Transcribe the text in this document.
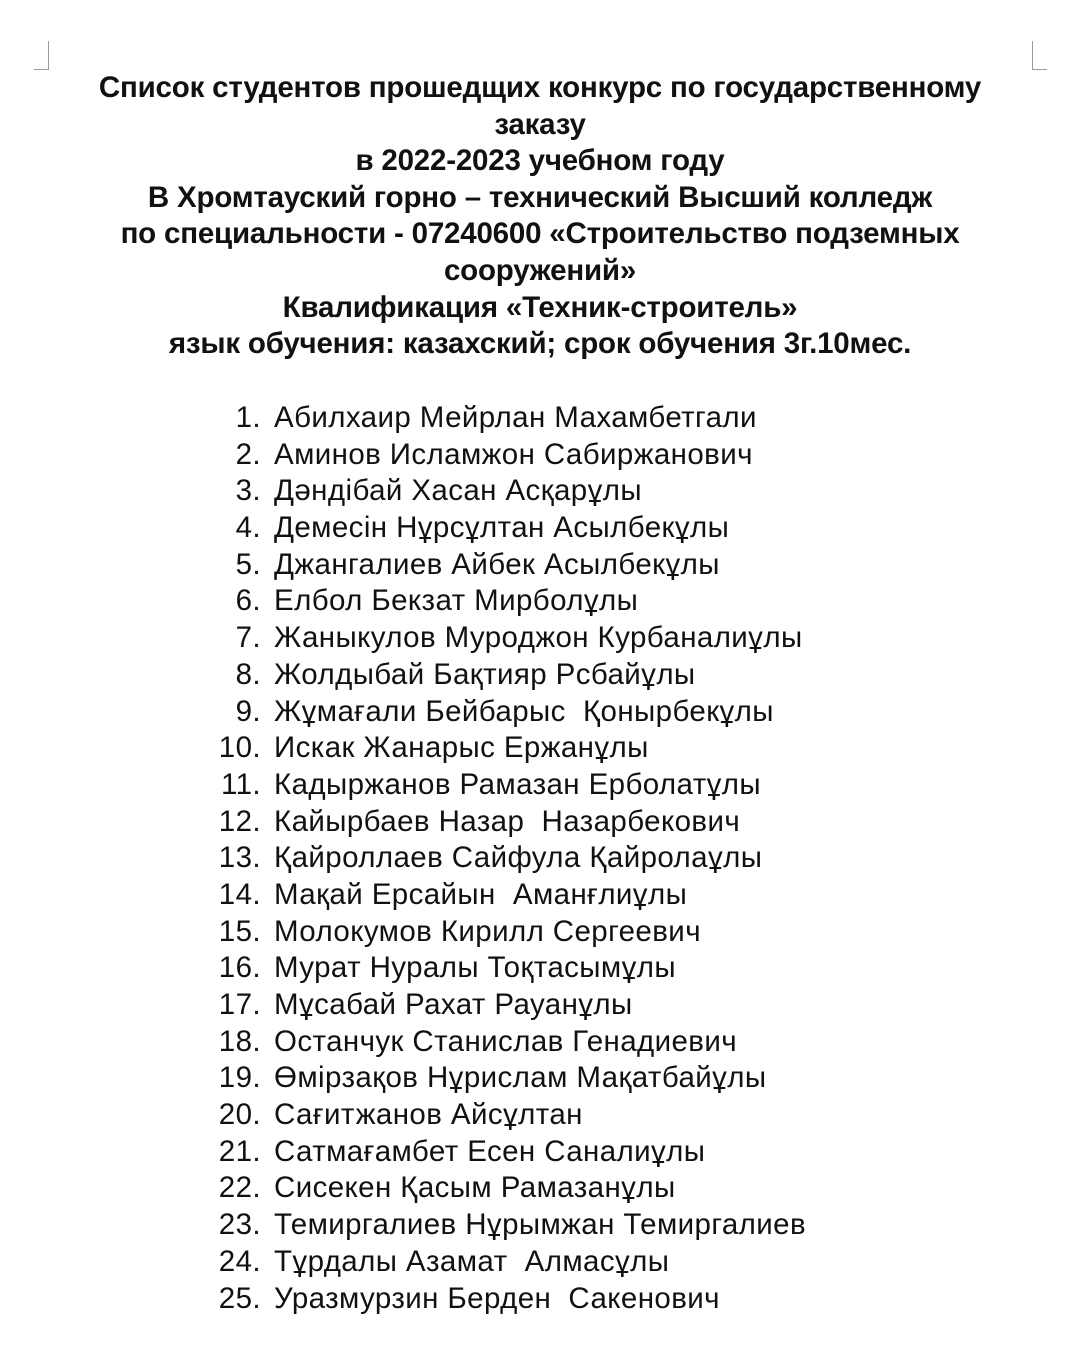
Список студентов прошедщих конкурс по государственному
заказу
в 2022-2023 учебном году
В Хромтауский горно – технический Высший колледж
по специальности - 07240600 «Строительство подземных
сооружений»
Квалификация «Техник-строитель»
язык обучения: казахский; срок обучения 3г.10мес.
1. Абилхаир Мейрлан Махамбетгали
2. Аминов Исламжон Сабиржанович
3. Дәндібай Хасан Асқарұлы
4. Демесін Нұрсұлтан Асылбекұлы
5. Джангалиев Айбек Асылбекұлы
6. Елбол Бекзат Мирболұлы
7. Жаныкулов Муроджон Курбаналиұлы
8. Жолдыбай Бақтияр Рсбайұлы
9. Жұмағали Бейбарыс  Қонырбекұлы
10. Искак Жанарыс Ержанұлы
11. Кадыржанов Рамазан Ерболатұлы
12. Кайырбаев Назар  Назарбекович
13. Қайроллаев Сайфула Қайролаұлы
14. Мақай Ерсайын  Аманғлиұлы
15. Молокумов Кирилл Сергеевич
16. Мурат Нуралы Тоқтасымұлы
17. Мұсабай Рахат Рауанұлы
18. Останчук Станислав Генадиевич
19. Өмірзақов Нұрислам Мақатбайұлы
20. Сағитжанов Айсұлтан
21. Сатмағамбет Есен Саналиұлы
22. Сисекен Қасым Рамазанұлы
23. Темиргалиев Нұрымжан Темиргалиев
24. Тұрдалы Азамат  Алмасұлы
25. Уразмурзин Берден  Сакенович
